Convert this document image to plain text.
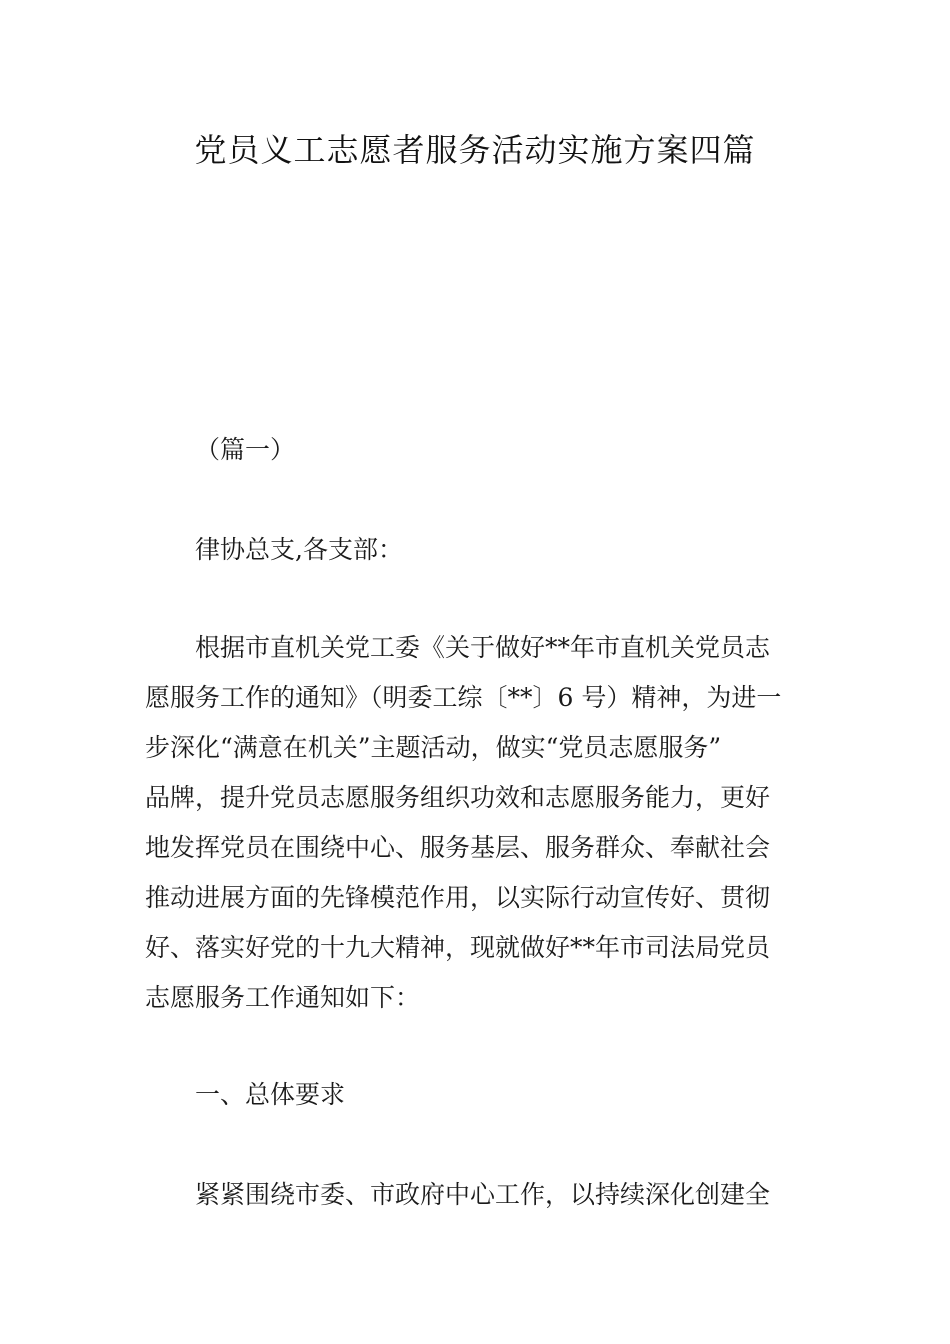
党员义工志愿者服务活动实施方案四篇
（篇一）
律协总支,各支部：
根据市直机关党工委《关于做好**年市直机关党员志
愿服务工作的通知》（明委工综〔**〕6 号）精神，为进一
步深化“满意在机关”主题活动，做实“党员志愿服务”
品牌，提升党员志愿服务组织功效和志愿服务能力，更好
地发挥党员在围绕中心、服务基层、服务群众、奉献社会
推动进展方面的先锋模范作用，以实际行动宣传好、贯彻
好、落实好党的十九大精神，现就做好**年市司法局党员
志愿服务工作通知如下：
一、总体要求
紧紧围绕市委、市政府中心工作，以持续深化创建全
